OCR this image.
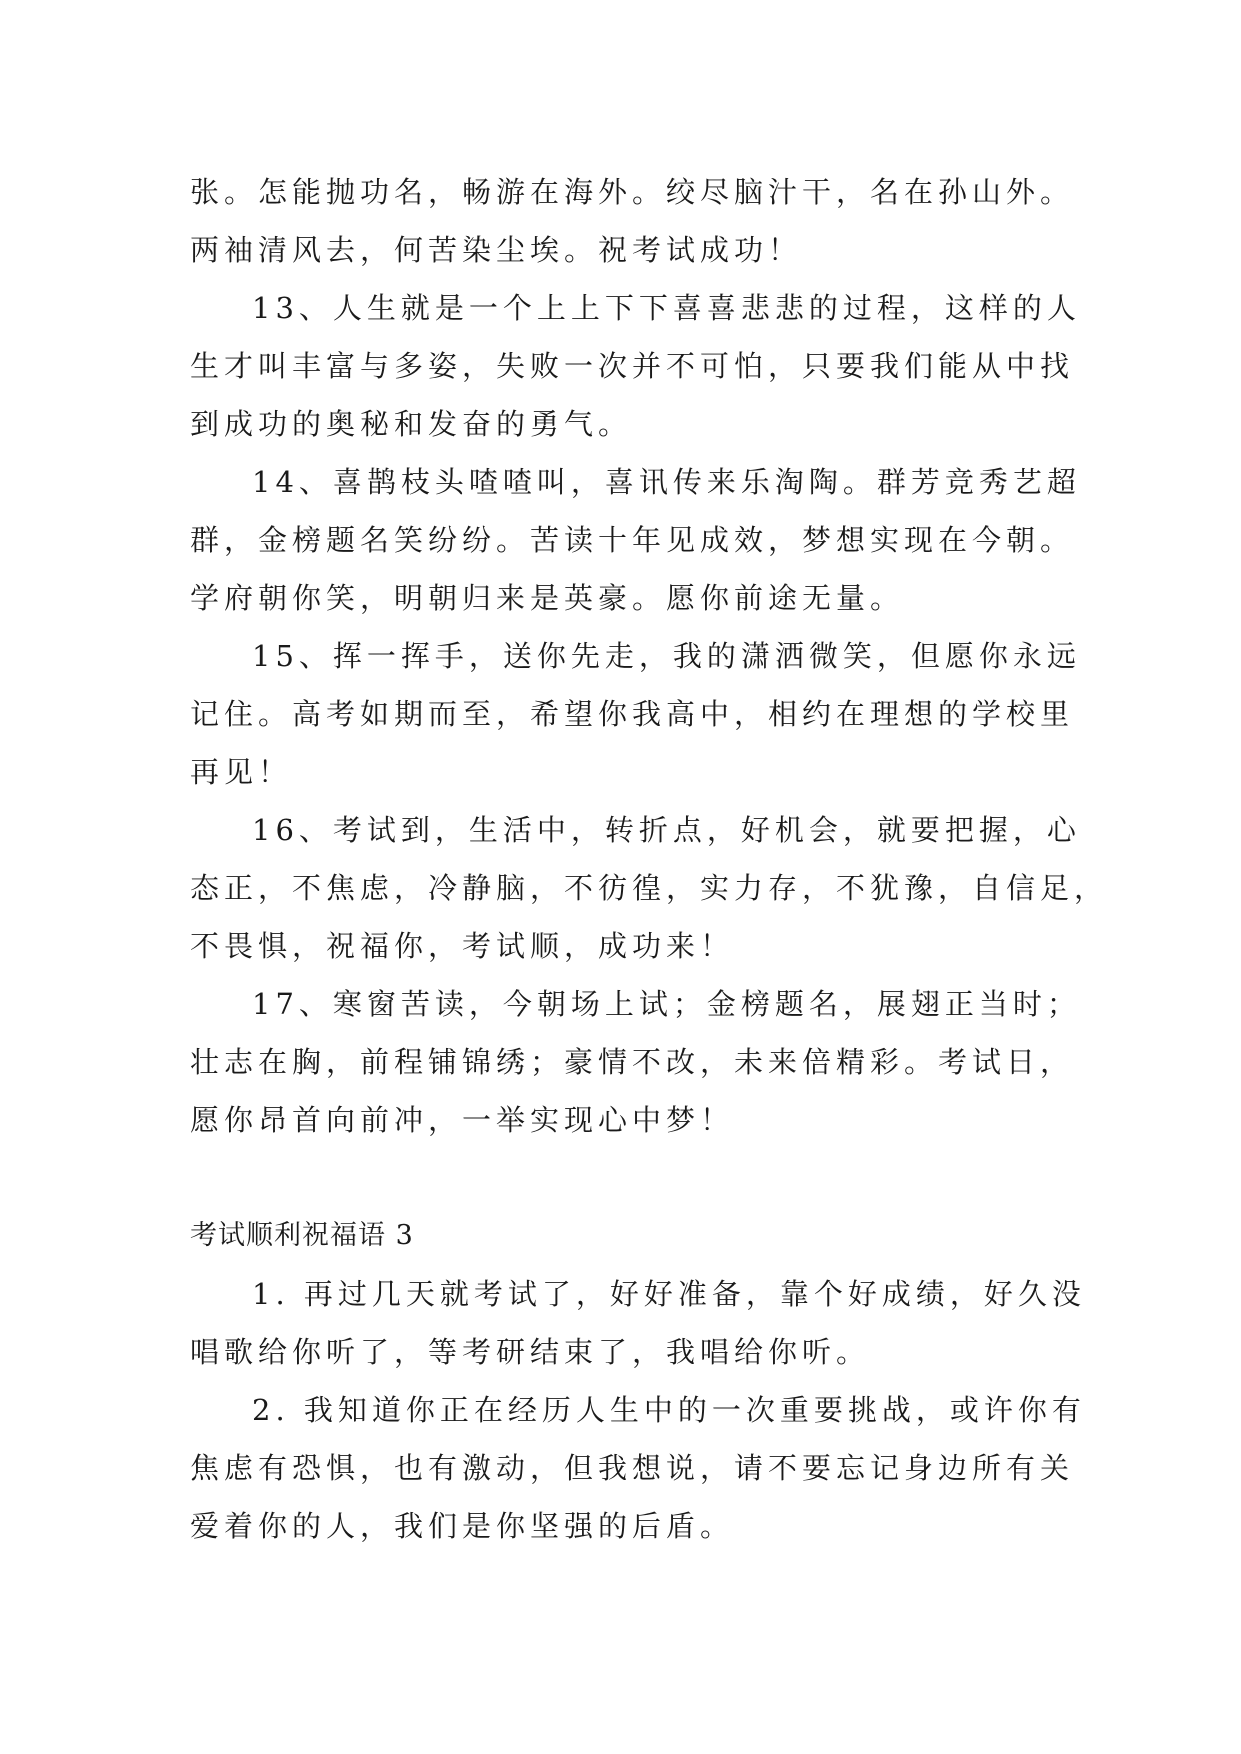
张。怎能抛功名，畅游在海外。绞尽脑汁干，名在孙山外。
两袖清风去，何苦染尘埃。祝考试成功！
13、人生就是一个上上下下喜喜悲悲的过程，这样的人
生才叫丰富与多姿，失败一次并不可怕，只要我们能从中找
到成功的奥秘和发奋的勇气。
14、喜鹊枝头喳喳叫，喜讯传来乐淘陶。群芳竞秀艺超
群，金榜题名笑纷纷。苦读十年见成效，梦想实现在今朝。
学府朝你笑，明朝归来是英豪。愿你前途无量。
15、挥一挥手，送你先走，我的潇洒微笑，但愿你永远
记住。高考如期而至，希望你我高中，相约在理想的学校里
再见！
16、考试到，生活中，转折点，好机会，就要把握，心
态正，不焦虑，冷静脑，不彷徨，实力存，不犹豫，自信足，
不畏惧，祝福你，考试顺，成功来！
17、寒窗苦读，今朝场上试；金榜题名，展翅正当时；
壮志在胸，前程铺锦绣；豪情不改，未来倍精彩。考试日，
愿你昂首向前冲，一举实现心中梦！
考试顺利祝福语 3
1. 再过几天就考试了，好好准备，靠个好成绩，好久没
唱歌给你听了，等考研结束了，我唱给你听。
2. 我知道你正在经历人生中的一次重要挑战，或许你有
焦虑有恐惧，也有激动，但我想说，请不要忘记身边所有关
爱着你的人，我们是你坚强的后盾。
